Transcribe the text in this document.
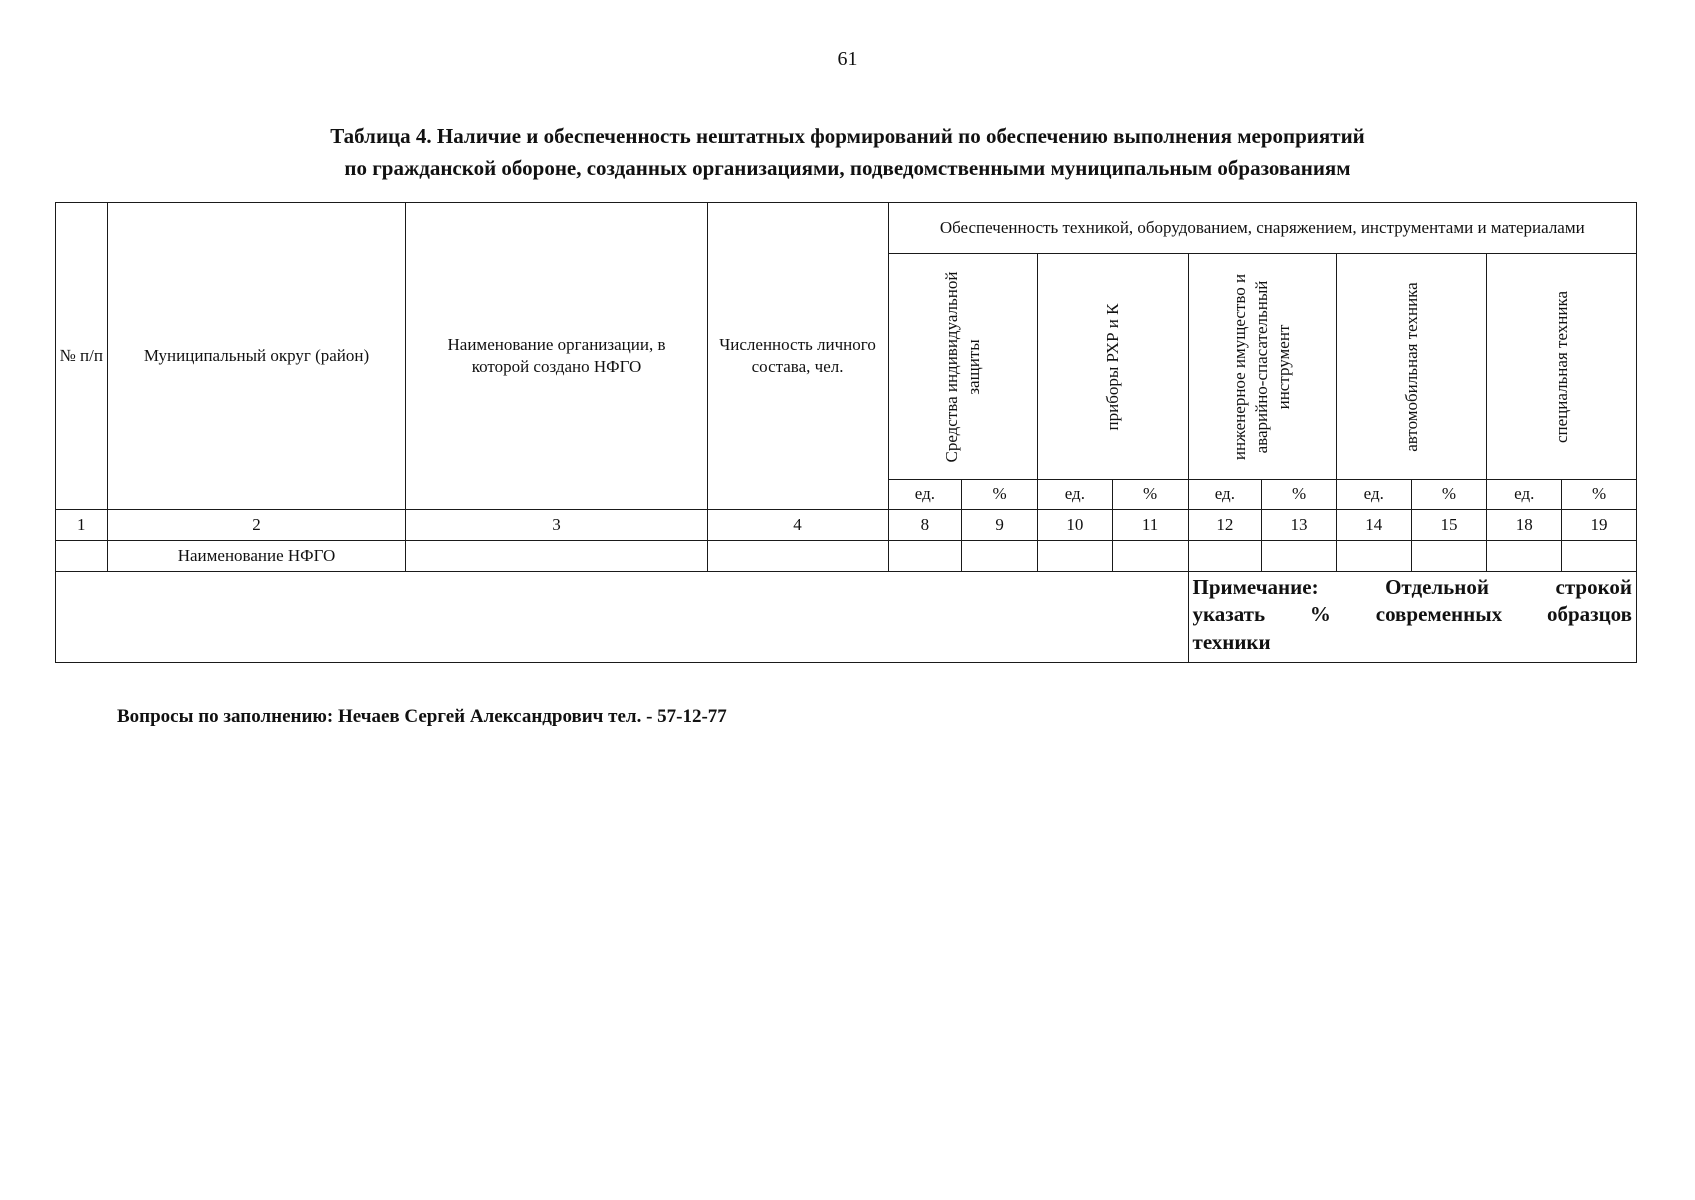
61
Таблица 4. Наличие и обеспеченность нештатных формирований по обеспечению выполнения мероприятий
по гражданской обороне, созданных организациями, подведомственными муниципальным образованиям
№ п/п	Муниципальный округ (район)	Наименование организации, в которой создано НФГО	Численность личного состава, чел.	Обеспеченность техникой, оборудованием, снаряжением, инструментами и материалами									

				Средства индивидуальной защиты		приборы РХР и К		инженерное имущество и аварийно-спасательный инструмент		автомобильная техника		специальная техника	

				ед.	%	ед.	%	ед.	%	ед.	%	ед.	%
1	2	3	4	8	9	10	11	12	13	14	15	18	19
	Наименование НФГО												

								Примечание: Отдельной строкой
указать % современных образцов
техники					
Вопросы по заполнению: Нечаев Сергей Александрович тел. - 57-12-77
